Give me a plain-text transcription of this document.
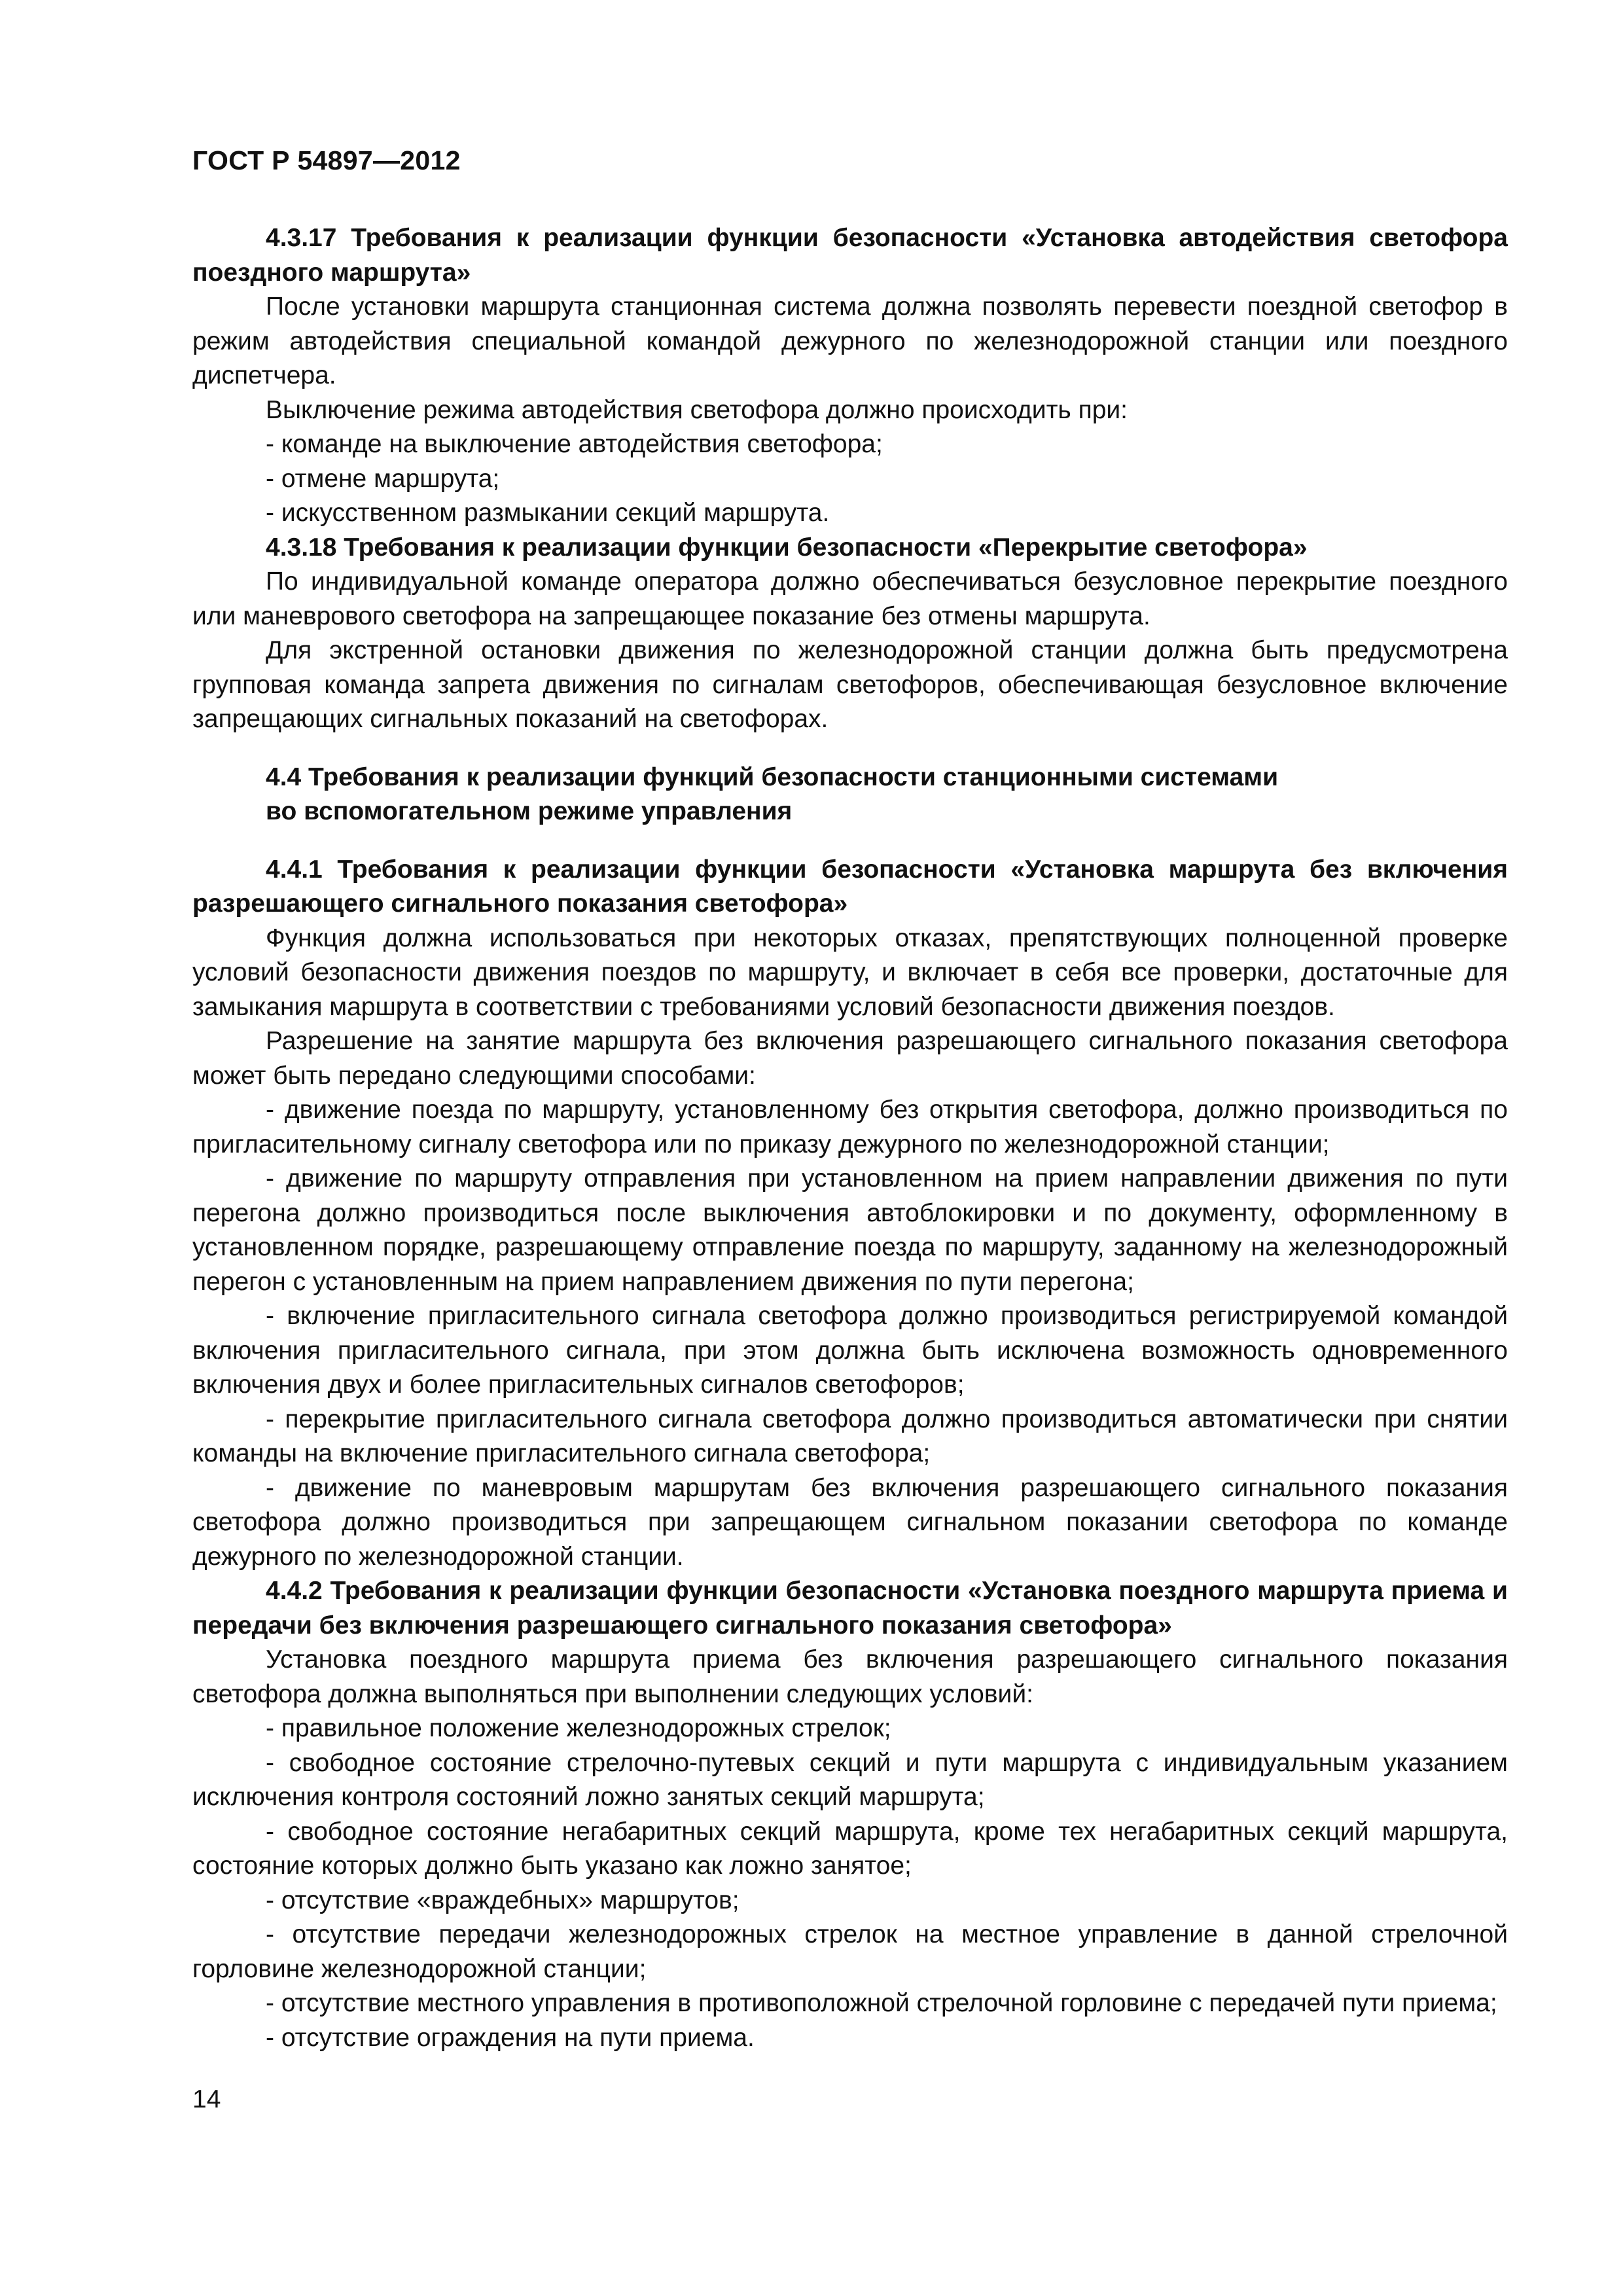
ГОСТ Р 54897—2012

4.3.17 Требования к реализации функции безопасности «Установка автодействия светофора поездного маршрута»

После установки маршрута станционная система должна позволять перевести поездной светофор в режим автодействия специальной командой дежурного по железнодорожной станции или поездного диспетчера.

Выключение режима автодействия светофора должно происходить при:

- команде на выключение автодействия светофора;

- отмене маршрута;

- искусственном размыкании секций маршрута.

4.3.18 Требования к реализации функции безопасности «Перекрытие светофора»

По индивидуальной команде оператора должно обеспечиваться безусловное перекрытие поездного или маневрового светофора на запрещающее показание без отмены маршрута.

Для экстренной остановки движения по железнодорожной станции должна быть предусмотрена групповая команда запрета движения по сигналам светофоров, обеспечивающая безусловное включение запрещающих сигнальных показаний на светофорах.

4.4 Требования к реализации функций безопасности станционными системами
во вспомогательном режиме управления

4.4.1 Требования к реализации функции безопасности «Установка маршрута без включения разрешающего сигнального показания светофора»

Функция должна использоваться при некоторых отказах, препятствующих полноценной проверке условий безопасности движения поездов по маршруту, и включает в себя все проверки, достаточные для замыкания маршрута в соответствии с требованиями условий безопасности движения поездов.

Разрешение на занятие маршрута без включения разрешающего сигнального показания светофора может быть передано следующими способами:

- движение поезда по маршруту, установленному без открытия светофора, должно производиться по пригласительному сигналу светофора или по приказу дежурного по железнодорожной станции;

- движение по маршруту отправления при установленном на прием направлении движения по пути перегона должно производиться после выключения автоблокировки и по документу, оформленному в установленном порядке, разрешающему отправление поезда по маршруту, заданному на железнодорожный перегон с установленным на прием направлением движения по пути перегона;

- включение пригласительного сигнала светофора должно производиться регистрируемой командой включения пригласительного сигнала, при этом должна быть исключена возможность одновременного включения двух и более пригласительных сигналов светофоров;

- перекрытие пригласительного сигнала светофора должно производиться автоматически при снятии команды на включение пригласительного сигнала светофора;

- движение по маневровым маршрутам без включения разрешающего сигнального показания светофора должно производиться при запрещающем сигнальном показании светофора по команде дежурного по железнодорожной станции.

4.4.2 Требования к реализации функции безопасности «Установка поездного маршрута приема и передачи без включения разрешающего сигнального показания светофора»

Установка поездного маршрута приема без включения разрешающего сигнального показания светофора должна выполняться при выполнении следующих условий:

- правильное положение железнодорожных стрелок;

- свободное состояние стрелочно-путевых секций и пути маршрута с индивидуальным указанием исключения контроля состояний ложно занятых секций маршрута;

- свободное состояние негабаритных секций маршрута, кроме тех негабаритных секций маршрута, состояние которых должно быть указано как ложно занятое;

- отсутствие «враждебных» маршрутов;

- отсутствие передачи железнодорожных стрелок на местное управление в данной стрелочной горловине железнодорожной станции;

- отсутствие местного управления в противоположной стрелочной горловине с передачей пути приема;

- отсутствие ограждения на пути приема.

14
